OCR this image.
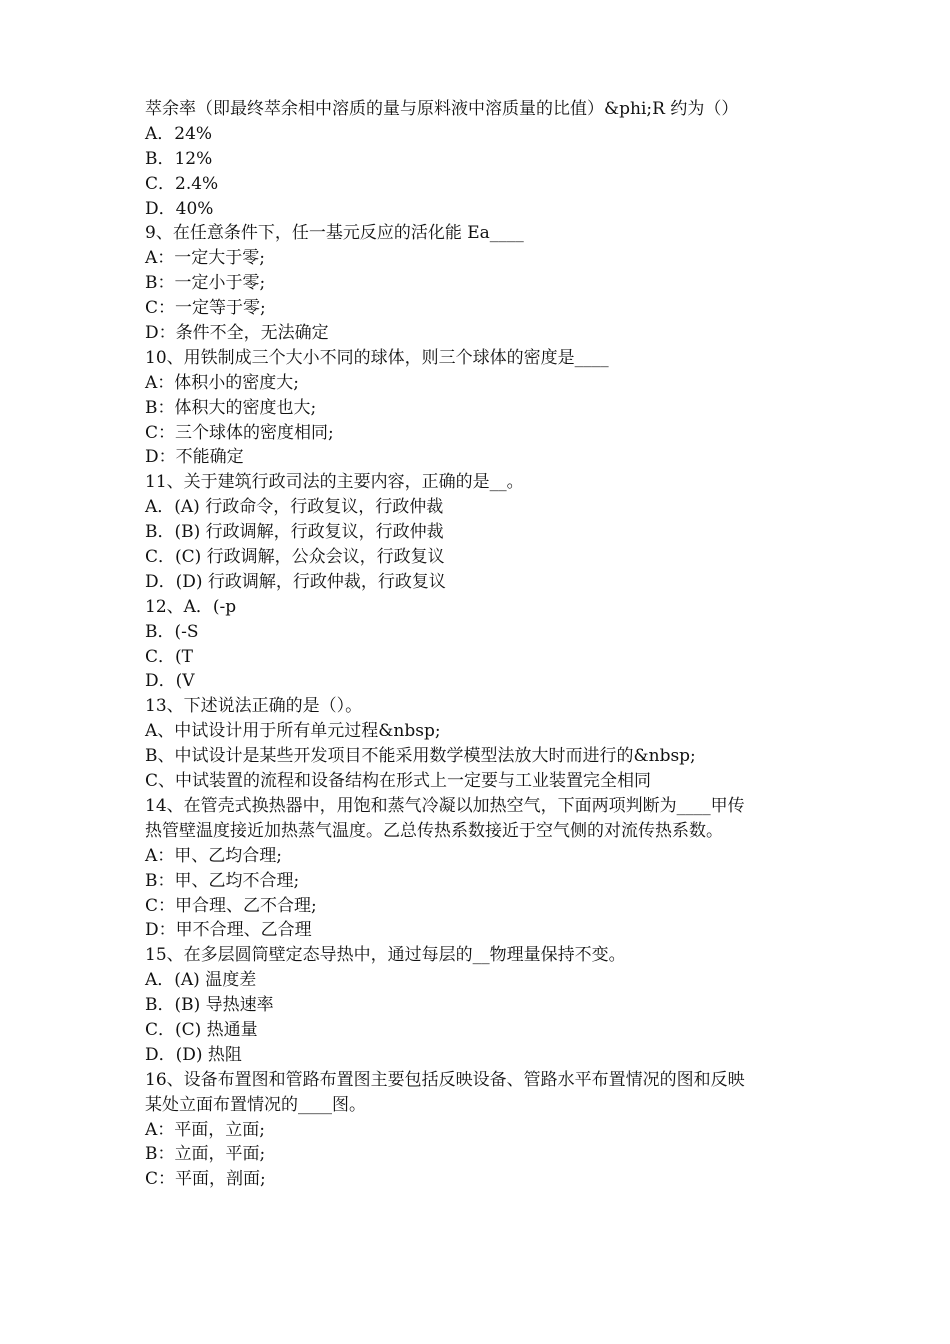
萃余率（即最终萃余相中溶质的量与原料液中溶质量的比值）&phi;R 约为（）
A．24%
B．12%
C．2.4%
D．40%
9、在任意条件下，任一基元反应的活化能 Ea____
A：一定大于零;
B：一定小于零;
C：一定等于零;
D：条件不全，无法确定
10、用铁制成三个大小不同的球体，则三个球体的密度是____
A：体积小的密度大;
B：体积大的密度也大;
C：三个球体的密度相同;
D：不能确定
11、关于建筑行政司法的主要内容，正确的是__。
A．(A) 行政命令，行政复议，行政仲裁
B．(B) 行政调解，行政复议，行政仲裁
C．(C) 行政调解，公众会议，行政复议
D．(D) 行政调解，行政仲裁，行政复议
12、A．(-p
B．(-S
C．(T
D．(V
13、下述说法正确的是（）。
A、中试设计用于所有单元过程&nbsp;
B、中试设计是某些开发项目不能采用数学模型法放大时而进行的&nbsp;
C、中试装置的流程和设备结构在形式上一定要与工业装置完全相同
14、在管壳式换热器中，用饱和蒸气冷凝以加热空气，下面两项判断为____甲传
热管壁温度接近加热蒸气温度。乙总传热系数接近于空气侧的对流传热系数。
A：甲、乙均合理;
B：甲、乙均不合理;
C：甲合理、乙不合理;
D：甲不合理、乙合理
15、在多层圆筒壁定态导热中，通过每层的__物理量保持不变。
A．(A) 温度差
B．(B) 导热速率
C．(C) 热通量
D．(D) 热阻
16、设备布置图和管路布置图主要包括反映设备、管路水平布置情况的图和反映
某处立面布置情况的____图。
A：平面，立面;
B：立面，平面;
C：平面，剖面;
